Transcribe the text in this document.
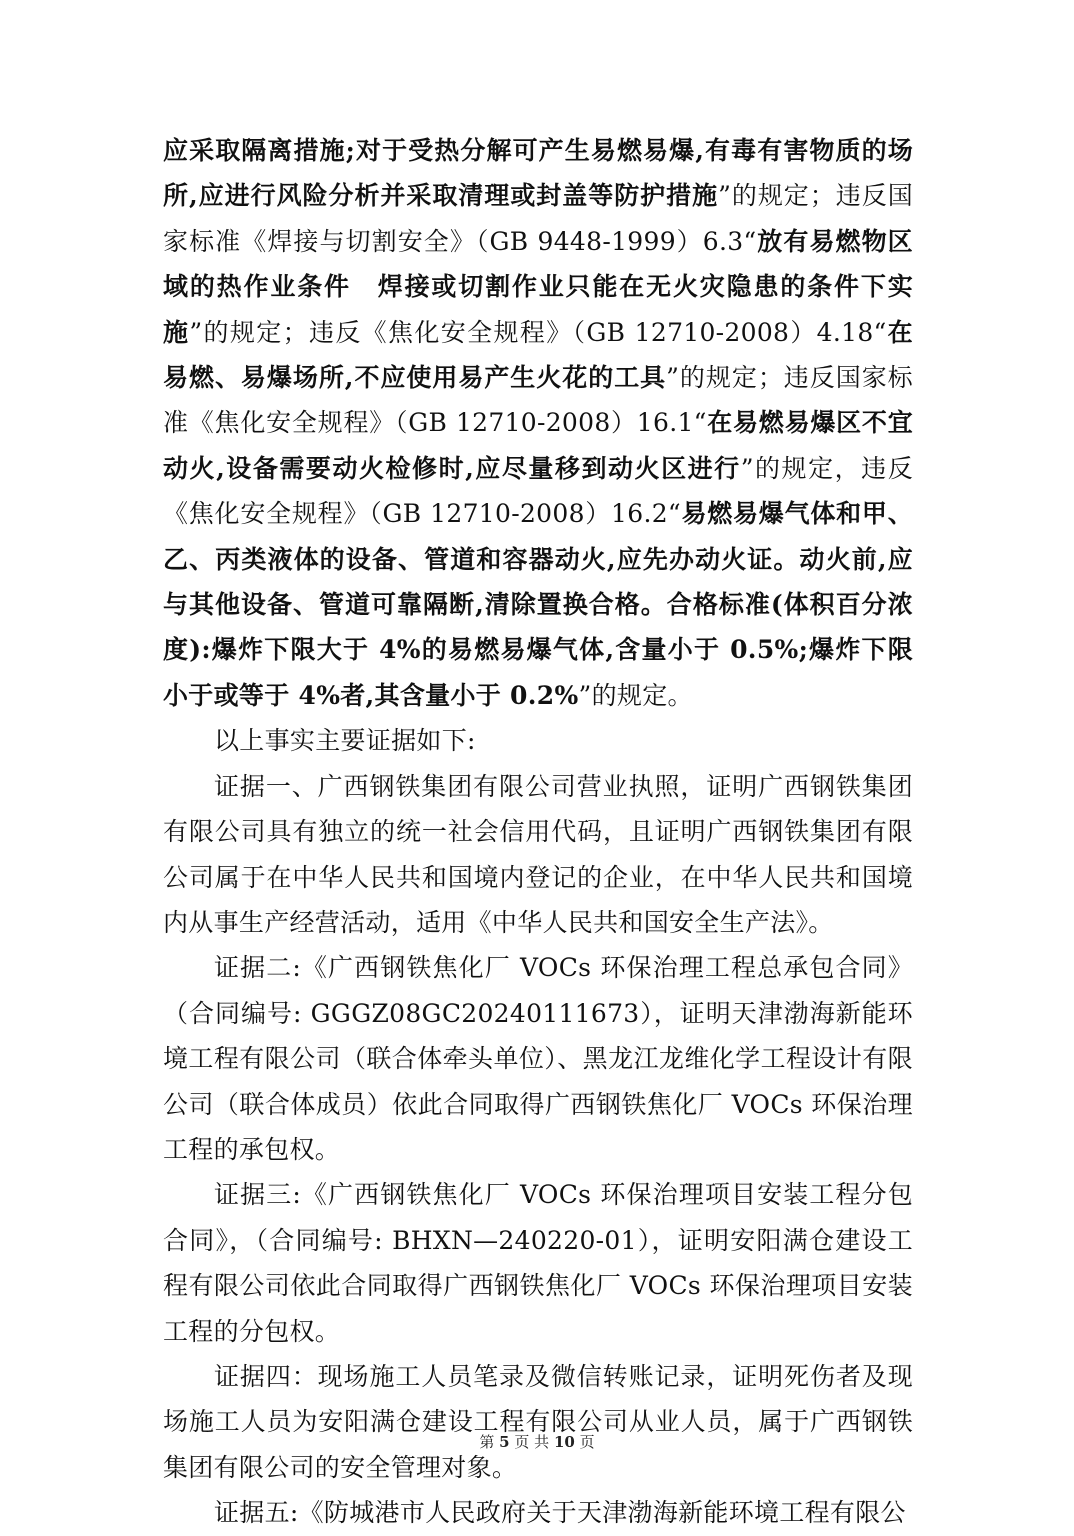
应采取隔离措施;对于受热分解可产生易燃易爆,有毒有害物质的场所,应进行风险分析并采取清理或封盖等防护措施”的规定；违反国家标准《焊接与切割安全》（GB 9448-1999）6.3“放有易燃物区域的热作业条件　焊接或切割作业只能在无火灾隐患的条件下实施”的规定；违反《焦化安全规程》（GB 12710-2008）4.18“在易燃、易爆场所,不应使用易产生火花的工具”的规定；违反国家标准《焦化安全规程》（GB 12710-2008）16.1“在易燃易爆区不宜动火,设备需要动火检修时,应尽量移到动火区进行”的规定，违反《焦化安全规程》（GB 12710-2008）16.2“易燃易爆气体和甲、乙、丙类液体的设备、管道和容器动火,应先办动火证。动火前,应与其他设备、管道可靠隔断,清除置换合格。合格标准(体积百分浓度):爆炸下限大于 4%的易燃易爆气体,含量小于 0.5%;爆炸下限小于或等于 4%者,其含量小于 0.2%”的规定。

以上事实主要证据如下:

证据一、广西钢铁集团有限公司营业执照，证明广西钢铁集团有限公司具有独立的统一社会信用代码，且证明广西钢铁集团有限公司属于在中华人民共和国境内登记的企业，在中华人民共和国境内从事生产经营活动，适用《中华人民共和国安全生产法》。

证据二:《广西钢铁焦化厂 VOCs 环保治理工程总承包合同》（合同编号: GGGZ08GC20240111673），证明天津渤海新能环境工程有限公司（联合体牵头单位）、黑龙江龙维化学工程设计有限公司（联合体成员）依此合同取得广西钢铁焦化厂 VOCs 环保治理工程的承包权。

证据三:《广西钢铁焦化厂 VOCs 环保治理项目安装工程分包合同》，（合同编号: BHXN—240220-01），证明安阳满仓建设工程有限公司依此合同取得广西钢铁焦化厂 VOCs 环保治理项目安装工程的分包权。

证据四：现场施工人员笔录及微信转账记录，证明死伤者及现场施工人员为安阳满仓建设工程有限公司从业人员，属于广西钢铁集团有限公司的安全管理对象。

证据五:《防城港市人民政府关于天津渤海新能环境工程有限公

第 5 页 共 10 页
